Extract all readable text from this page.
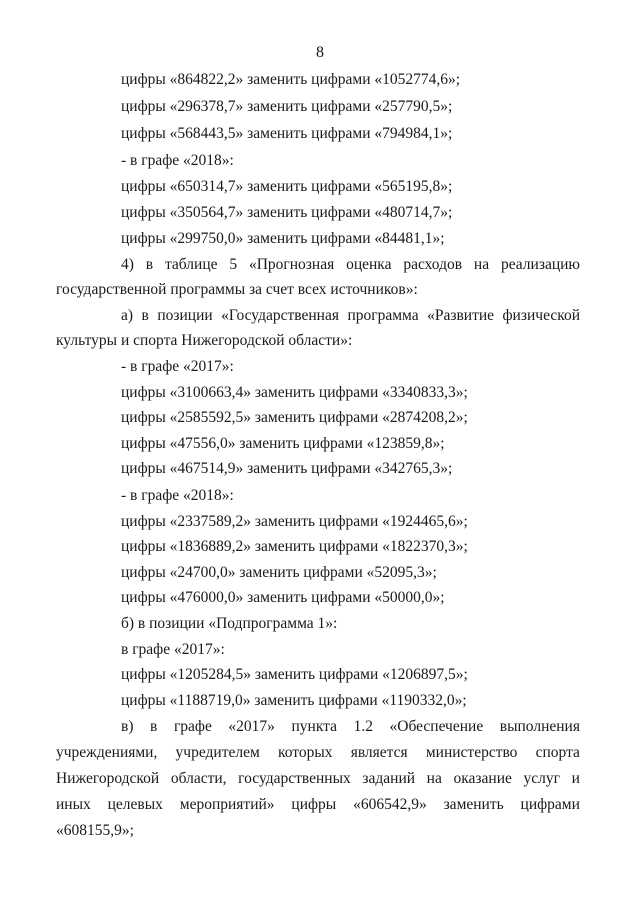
8
цифры «864822,2» заменить цифрами «1052774,6»;
цифры «296378,7» заменить цифрами «257790,5»;
цифры «568443,5» заменить цифрами «794984,1»;
- в графе «2018»:
цифры «650314,7» заменить цифрами «565195,8»;
цифры «350564,7» заменить цифрами «480714,7»;
цифры «299750,0» заменить цифрами «84481,1»;
4) в таблице 5 «Прогнозная оценка расходов на реализацию
государственной программы за счет всех источников»:
а) в позиции «Государственная программа «Развитие физической
культуры и спорта Нижегородской области»:
- в графе «2017»:
цифры «3100663,4» заменить цифрами «3340833,3»;
цифры «2585592,5» заменить цифрами «2874208,2»;
цифры «47556,0» заменить цифрами «123859,8»;
цифры «467514,9» заменить цифрами «342765,3»;
- в графе «2018»:
цифры «2337589,2» заменить цифрами «1924465,6»;
цифры «1836889,2» заменить цифрами «1822370,3»;
цифры «24700,0» заменить цифрами «52095,3»;
цифры «476000,0» заменить цифрами «50000,0»;
б) в позиции «Подпрограмма 1»:
в графе «2017»:
цифры «1205284,5» заменить цифрами «1206897,5»;
цифры «1188719,0» заменить цифрами «1190332,0»;
в) в графе «2017» пункта 1.2 «Обеспечение выполнения
учреждениями, учредителем которых является министерство спорта
Нижегородской области, государственных заданий на оказание услуг и
иных целевых мероприятий» цифры «606542,9» заменить цифрами
«608155,9»;
